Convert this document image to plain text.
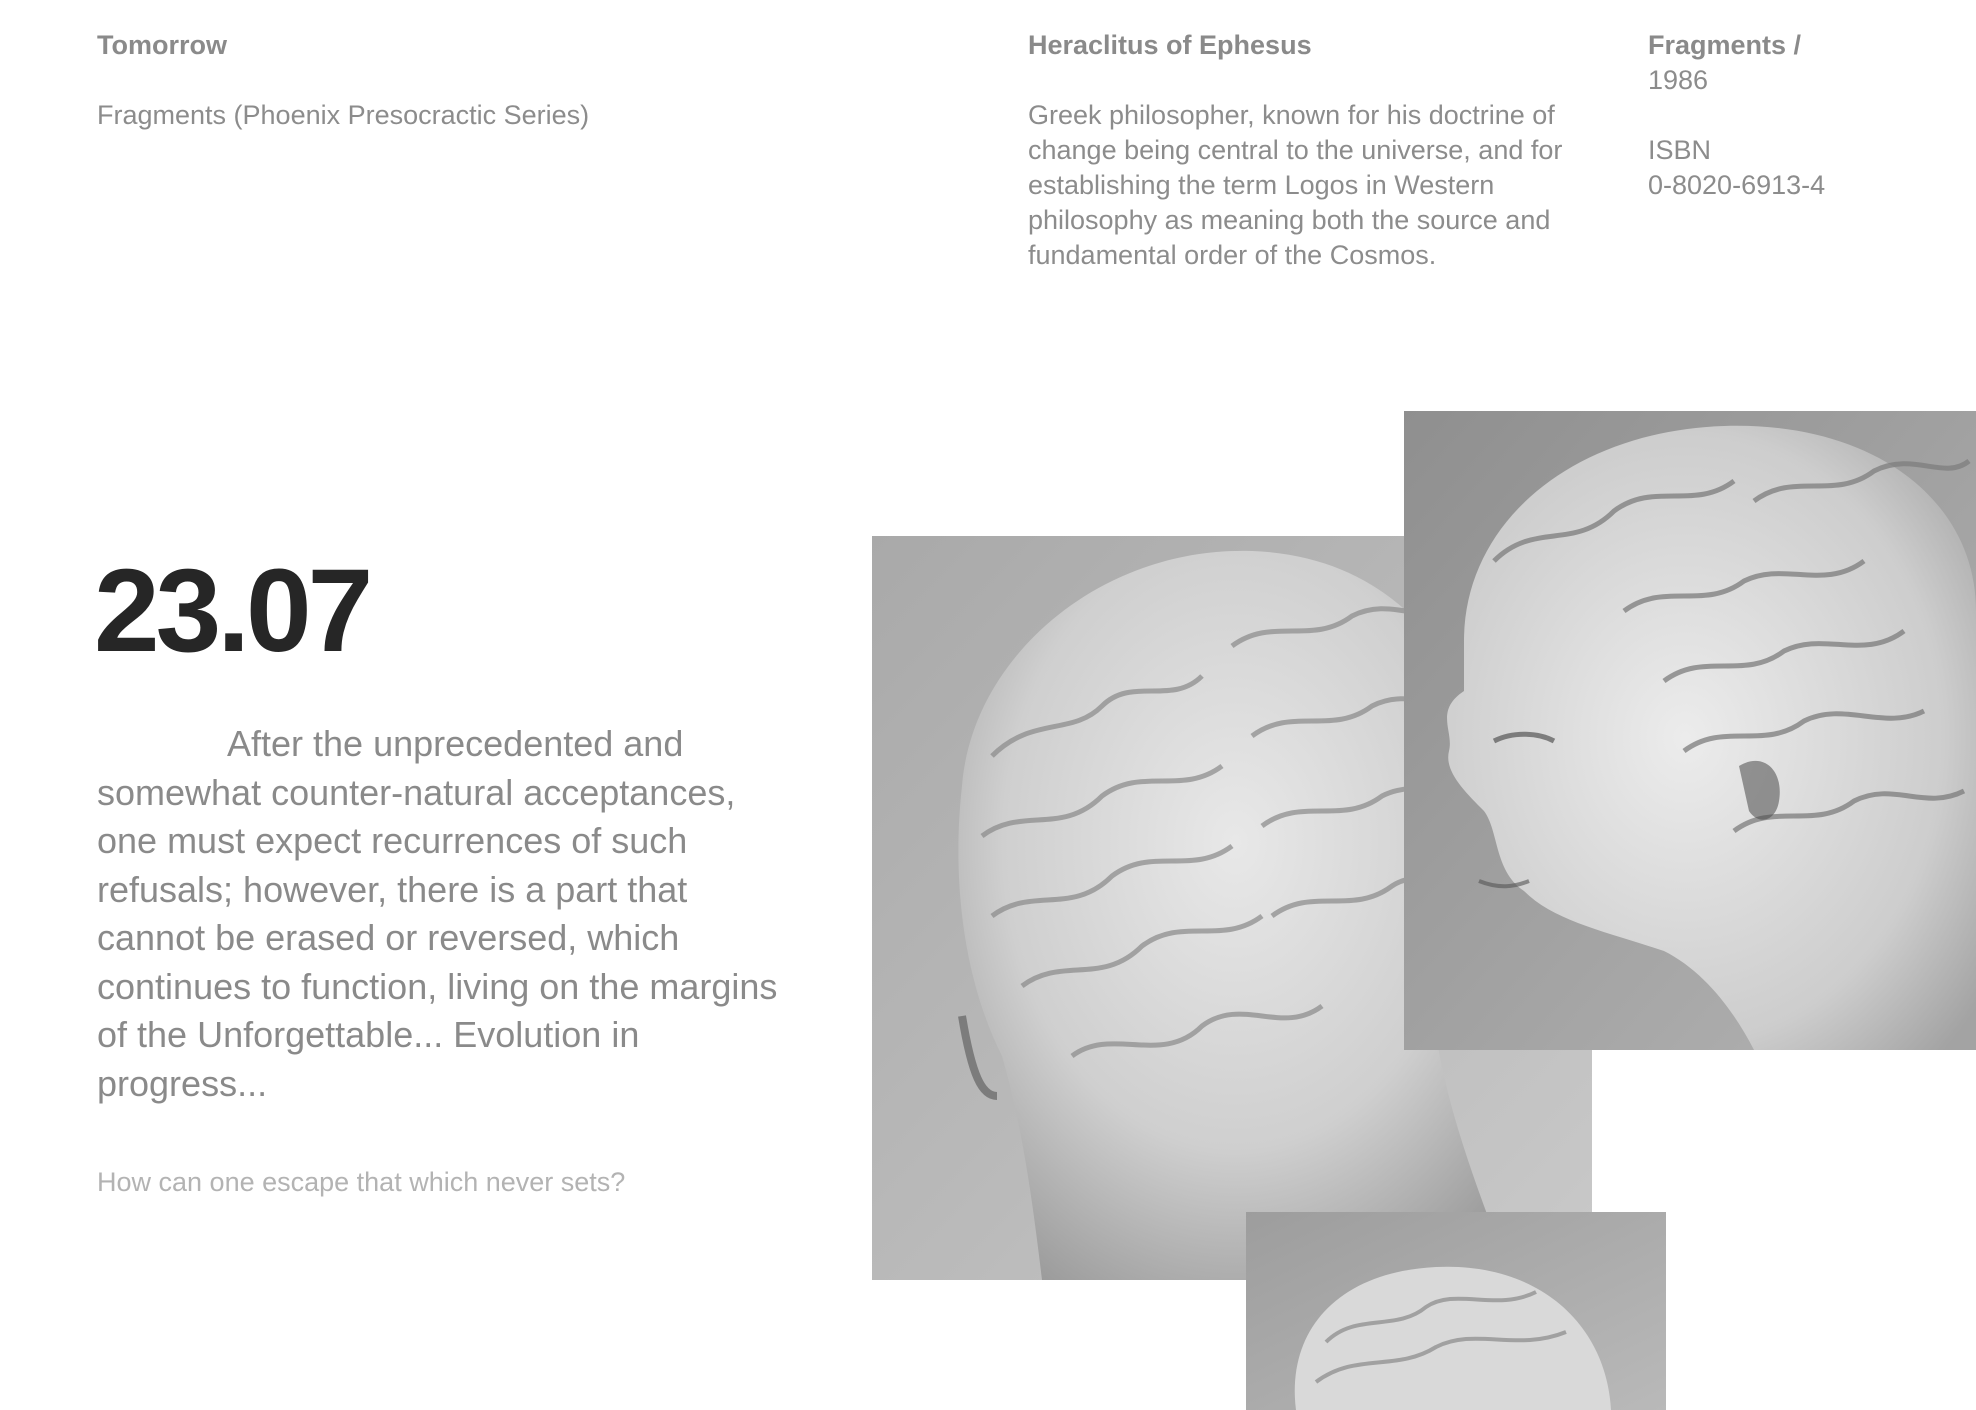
Tomorrow
Fragments (Phoenix Presocractic Series)
Heraclitus of Ephesus
Greek philosopher, known for his doctrine of change being central to the universe, and for establishing the term Logos in Western philosophy as meaning both the source and fundamental order of the Cosmos.
Fragments /
1986
ISBN
0-8020-6913-4
23.07
After the unprecedented and somewhat counter-natural acceptances, one must expect recurrences of such refusals; however, there is a part that cannot be erased or reversed, which continues to function, living on the margins of the Unforgettable... Evolution in progress...
How can one escape that which never sets?
